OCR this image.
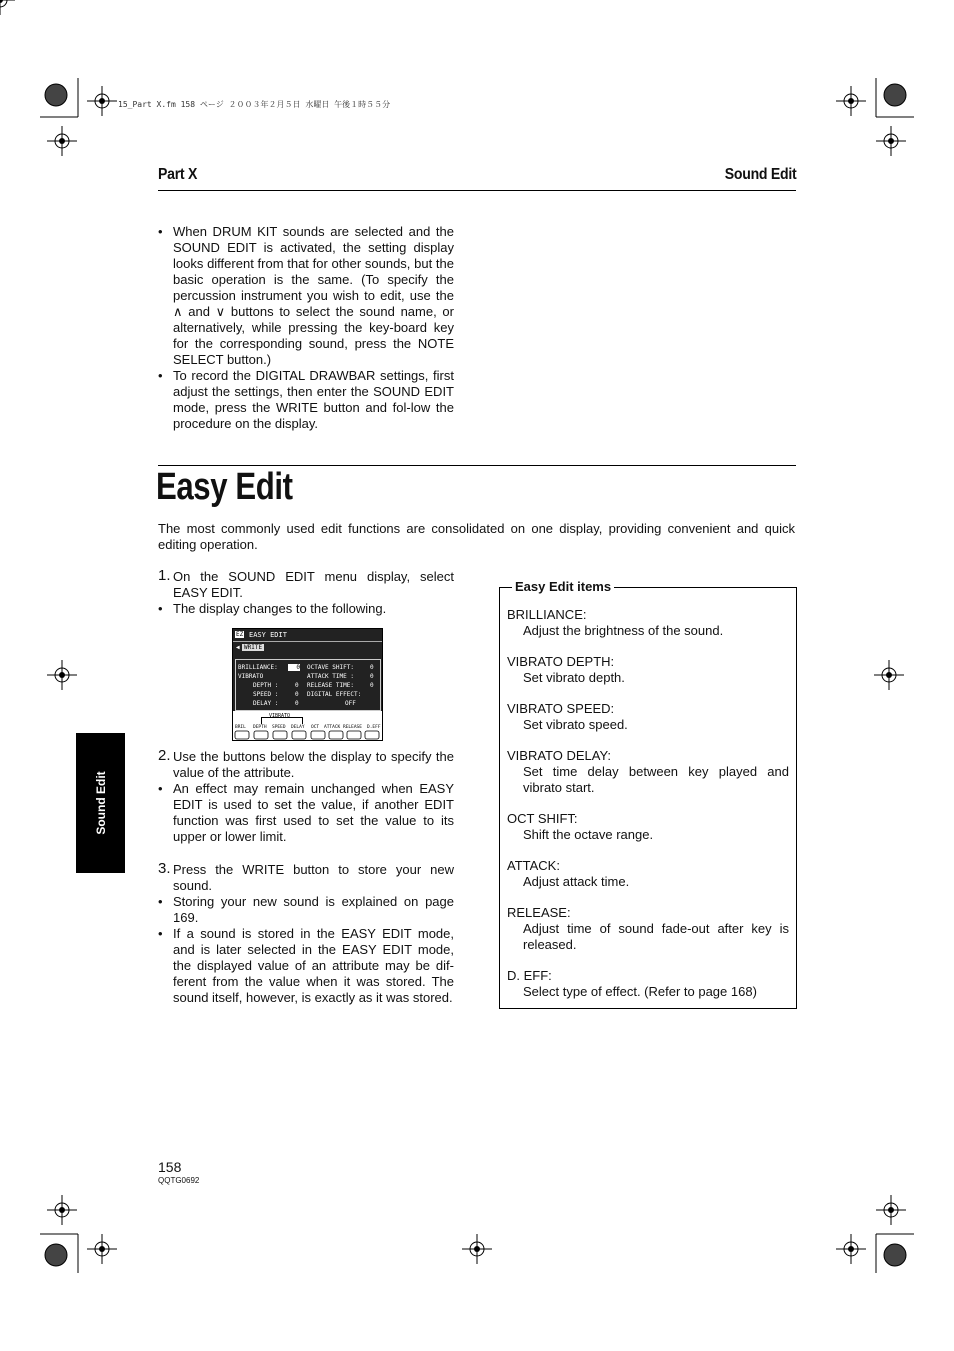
15_Part X.fm 158 ページ ２００３年２月５日 水曜日 午後１時５５分
Part X	Sound Edit
• When DRUM KIT sounds are selected and the SOUND EDIT is activated, the setting display looks different from that for other sounds, but the basic operation is the same. (To specify the percussion instrument you wish to edit, use the ∧ and ∨ buttons to select the sound name, or alternatively, while pressing the key-board key for the corresponding sound, press the NOTE SELECT button.)
• To record the DIGITAL DRAWBAR settings, first adjust the settings, then enter the SOUND EDIT mode, press the WRITE button and fol-low the procedure on the display.
Easy Edit
The most commonly used edit functions are consolidated on one display, providing convenient and quick editing operation.
1. On the SOUND EDIT menu display, select EASY EDIT.
• The display changes to the following.
EZ EASY EDIT
◀ WRITE
BRILLIANCE:	0
VIBRATO
DEPTH :	0
SPEED :	0
DELAY :	0
OCTAVE SHIFT:	0
ATTACK TIME :	0
RELEASE TIME:	0
DIGITAL EFFECT:
OFF
VIBRATO
BRIL DEPTH SPEED DELAY OCT ATTACK RELEASE D.EFF
2. Use the buttons below the display to specify the value of the attribute.
• An effect may remain unchanged when EASY EDIT is used to set the value, if another EDIT function was first used to set the value to its upper or lower limit.
3. Press the WRITE button to store your new sound.
• Storing your new sound is explained on page 169.
• If a sound is stored in the EASY EDIT mode, and is later selected in the EASY EDIT mode, the displayed value of an attribute may be dif-ferent from the value when it was stored. The sound itself, however, is exactly as it was stored.
Easy Edit items
BRILLIANCE:
Adjust the brightness of the sound.
VIBRATO DEPTH:
Set vibrato depth.
VIBRATO SPEED:
Set vibrato speed.
VIBRATO DELAY:
Set time delay between key played and vibrato start.
OCT SHIFT:
Shift the octave range.
ATTACK:
Adjust attack time.
RELEASE:
Adjust time of sound fade-out after key is released.
D. EFF:
Select type of effect. (Refer to page 168)
Sound Edit
158
QQTG0692
